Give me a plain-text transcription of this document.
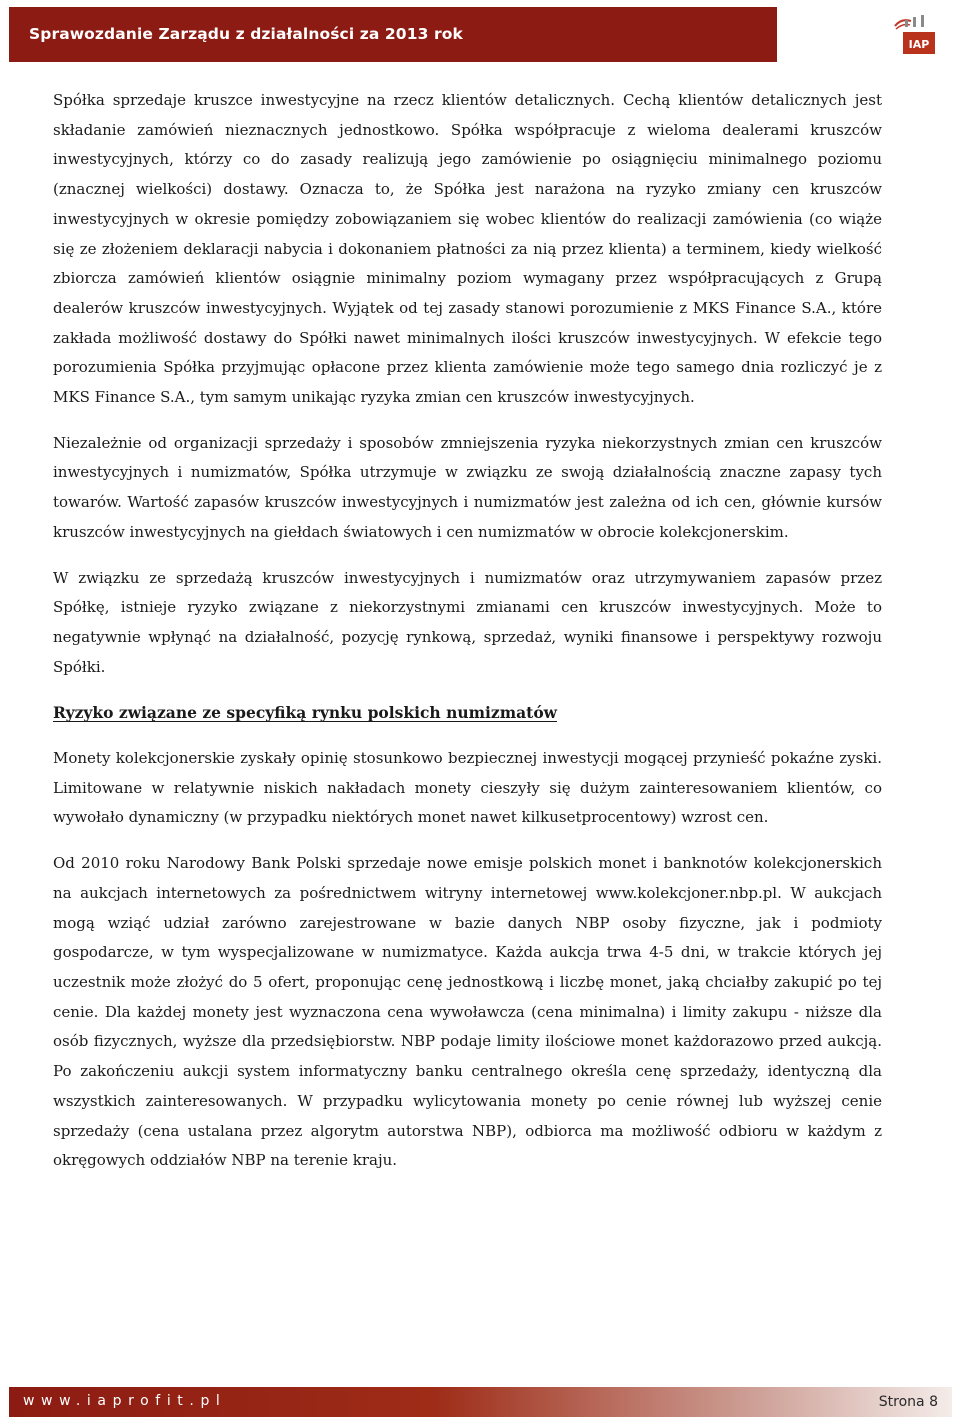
Sprawozdanie Zarządu z działalności za 2013 rok
IAP

Spółka sprzedaje kruszce inwestycyjne na rzecz klientów detalicznych. Cechą klientów detalicznych jest składanie zamówień nieznacznych jednostkowo. Spółka współpracuje z wieloma dealerami kruszców inwestycyjnych, którzy co do zasady realizują jego zamówienie po osiągnięciu minimalnego poziomu (znacznej wielkości) dostawy. Oznacza to, że Spółka jest narażona na ryzyko zmiany cen kruszców inwestycyjnych w okresie pomiędzy zobowiązaniem się wobec klientów do realizacji zamówienia (co wiąże się ze złożeniem deklaracji nabycia i dokonaniem płatności za nią przez klienta) a terminem, kiedy wielkość zbiorcza zamówień klientów osiągnie minimalny poziom wymagany przez współpracujących z Grupą dealerów kruszców inwestycyjnych. Wyjątek od tej zasady stanowi porozumienie z MKS Finance S.A., które zakłada możliwość dostawy do Spółki nawet minimalnych ilości kruszców inwestycyjnych. W efekcie tego porozumienia Spółka przyjmując opłacone przez klienta zamówienie może tego samego dnia rozliczyć je z MKS Finance S.A., tym samym unikając ryzyka zmian cen kruszców inwestycyjnych.

Niezależnie od organizacji sprzedaży i sposobów zmniejszenia ryzyka niekorzystnych zmian cen kruszców inwestycyjnych i numizmatów, Spółka utrzymuje w związku ze swoją działalnością znaczne zapasy tych towarów. Wartość zapasów kruszców inwestycyjnych i numizmatów jest zależna od ich cen, głównie kursów kruszców inwestycyjnych na giełdach światowych i cen numizmatów w obrocie kolekcjonerskim.

W związku ze sprzedażą kruszców inwestycyjnych i numizmatów oraz utrzymywaniem zapasów przez Spółkę, istnieje ryzyko związane z niekorzystnymi zmianami cen kruszców inwestycyjnych. Może to negatywnie wpłynąć na działalność, pozycję rynkową, sprzedaż, wyniki finansowe i perspektywy rozwoju Spółki.

Ryzyko związane ze specyfiką rynku polskich numizmatów

Monety kolekcjonerskie zyskały opinię stosunkowo bezpiecznej inwestycji mogącej przynieść pokaźne zyski. Limitowane w relatywnie niskich nakładach monety cieszyły się dużym zainteresowaniem klientów, co wywołało dynamiczny (w przypadku niektórych monet nawet kilkusetprocentowy) wzrost cen.

Od 2010 roku Narodowy Bank Polski sprzedaje nowe emisje polskich monet i banknotów kolekcjonerskich na aukcjach internetowych za pośrednictwem witryny internetowej www.kolekcjoner.nbp.pl. W aukcjach mogą wziąć udział zarówno zarejestrowane w bazie danych NBP osoby fizyczne, jak i podmioty gospodarcze, w tym wyspecjalizowane w numizmatyce. Każda aukcja trwa 4-5 dni, w trakcie których jej uczestnik może złożyć do 5 ofert, proponując cenę jednostkową i liczbę monet, jaką chciałby zakupić po tej cenie. Dla każdej monety jest wyznaczona cena wywoławcza (cena minimalna) i limity zakupu - niższe dla osób fizycznych, wyższe dla przedsiębiorstw. NBP podaje limity ilościowe monet każdorazowo przed aukcją. Po zakończeniu aukcji system informatyczny banku centralnego określa cenę sprzedaży, identyczną dla wszystkich zainteresowanych. W przypadku wylicytowania monety po cenie równej lub wyższej cenie sprzedaży (cena ustalana przez algorytm autorstwa NBP), odbiorca ma możliwość odbioru w każdym z okręgowych oddziałów NBP na terenie kraju.

www.iaprofit.pl	Strona 8
